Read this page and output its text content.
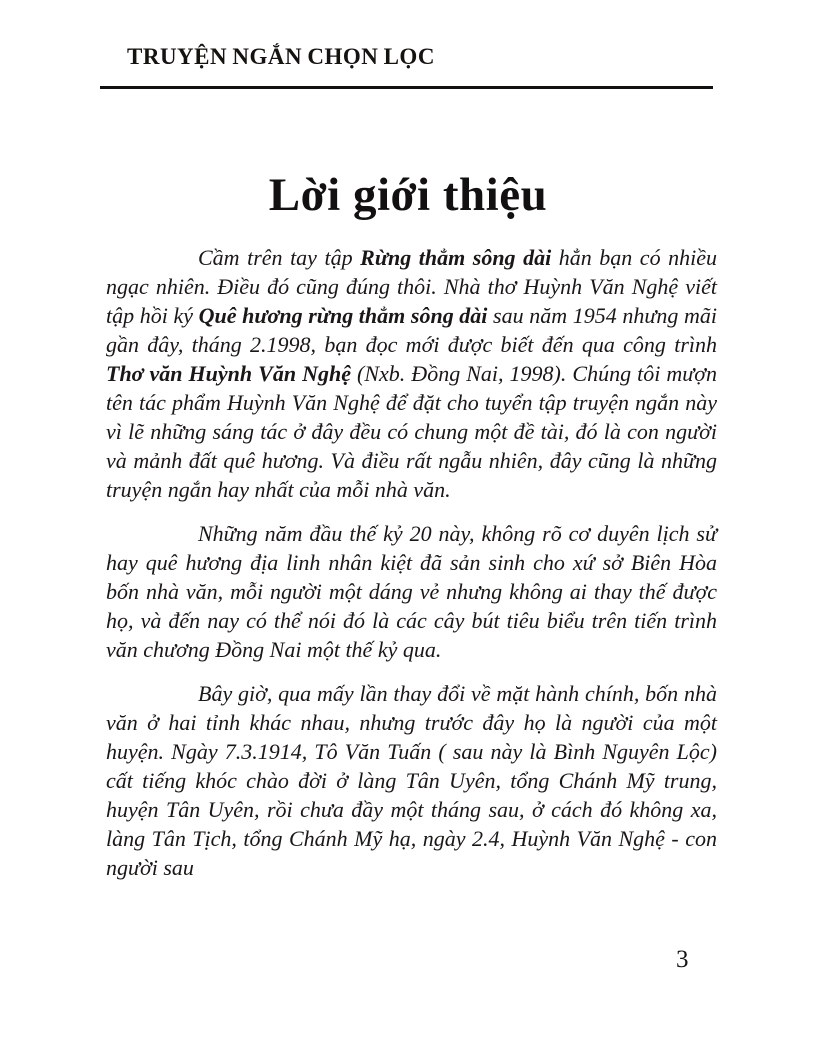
TRUYỆN NGẮN CHỌN LỌC
Lời giới thiệu

Cầm trên tay tập Rừng thẳm sông dài hẳn bạn có nhiều ngạc nhiên. Điều đó cũng đúng thôi. Nhà thơ Huỳnh Văn Nghệ viết tập hồi ký Quê hương rừng thẳm sông dài sau năm 1954 nhưng mãi gần đây, tháng 2.1998, bạn đọc mới được biết đến qua công trình Thơ văn Huỳnh Văn Nghệ (Nxb. Đồng Nai, 1998). Chúng tôi mượn tên tác phẩm Huỳnh Văn Nghệ để đặt cho tuyển tập truyện ngắn này vì lẽ những sáng tác ở đây đều có chung một đề tài, đó là con người và mảnh đất quê hương. Và điều rất ngẫu nhiên, đây cũng là những truyện ngắn hay nhất của mỗi nhà văn.

Những năm đầu thế kỷ 20 này, không rõ cơ duyên lịch sử hay quê hương địa linh nhân kiệt đã sản sinh cho xứ sở Biên Hòa bốn nhà văn, mỗi người một dáng vẻ nhưng không ai thay thế được họ, và đến nay có thể nói đó là các cây bút tiêu biểu trên tiến trình văn chương Đồng Nai một thế kỷ qua.

Bây giờ, qua mấy lần thay đổi về mặt hành chính, bốn nhà văn ở hai tỉnh khác nhau, nhưng trước đây họ là người của một huyện. Ngày 7.3.1914, Tô Văn Tuấn ( sau này là Bình Nguyên Lộc) cất tiếng khóc chào đời ở làng Tân Uyên, tổng Chánh Mỹ trung, huyện Tân Uyên, rồi chưa đầy một tháng sau, ở cách đó không xa, làng Tân Tịch, tổng Chánh Mỹ hạ, ngày 2.4, Huỳnh Văn Nghệ - con người sau

3
